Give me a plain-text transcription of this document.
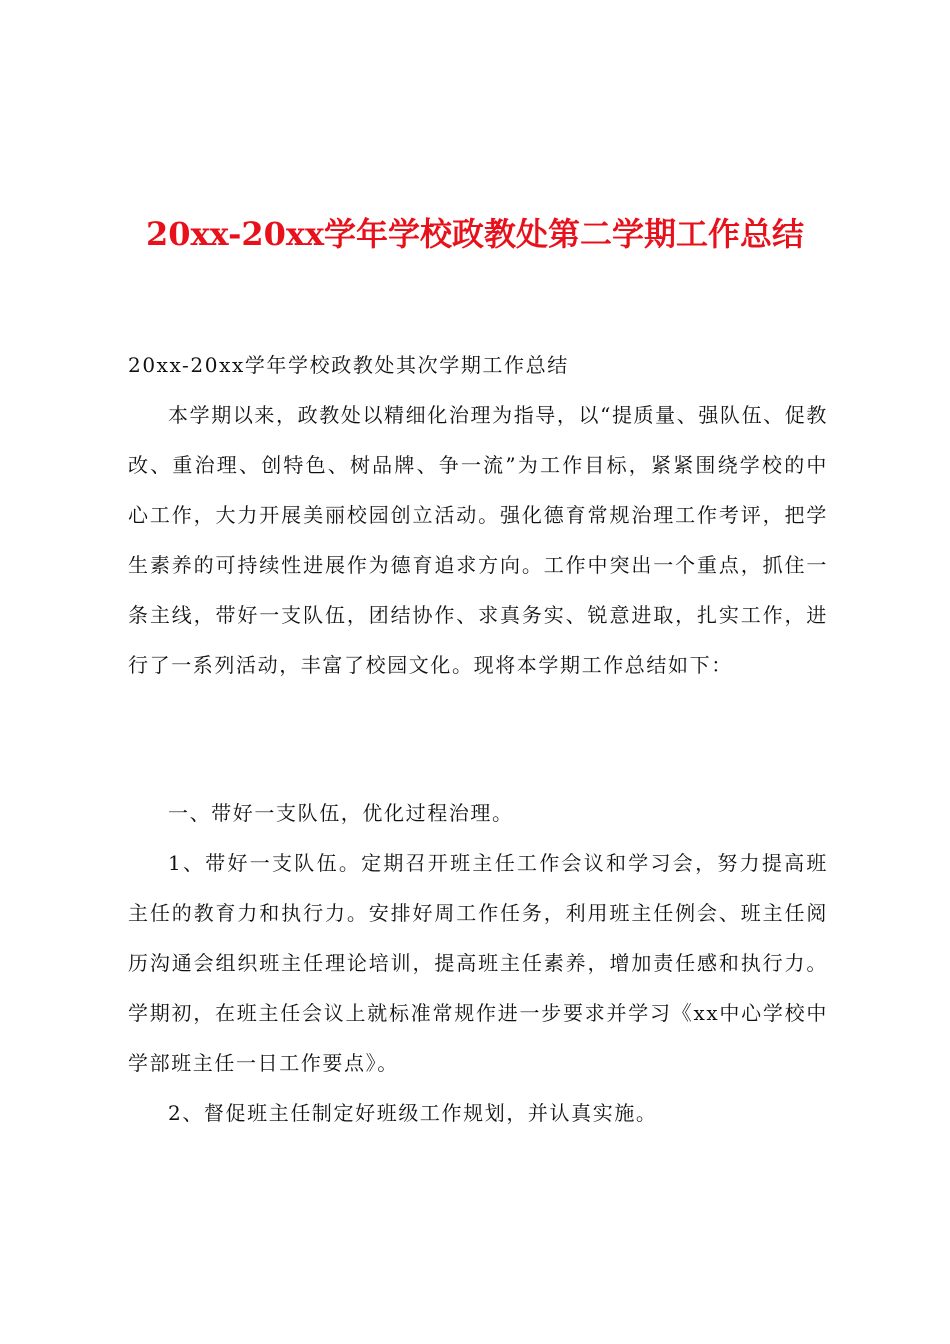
20xx-20xx学年学校政教处第二学期工作总结
20xx-20xx学年学校政教处其次学期工作总结

本学期以来，政教处以精细化治理为指导，以“提质量、强队伍、促教改、重治理、创特色、树品牌、争一流”为工作目标，紧紧围绕学校的中心工作，大力开展美丽校园创立活动。强化德育常规治理工作考评，把学生素养的可持续性进展作为德育追求方向。工作中突出一个重点，抓住一条主线，带好一支队伍，团结协作、求真务实、锐意进取，扎实工作，进行了一系列活动，丰富了校园文化。现将本学期工作总结如下：

一、带好一支队伍，优化过程治理。

1、带好一支队伍。定期召开班主任工作会议和学习会，努力提高班主任的教育力和执行力。安排好周工作任务，利用班主任例会、班主任阅历沟通会组织班主任理论培训，提高班主任素养，增加责任感和执行力。学期初，在班主任会议上就标准常规作进一步要求并学习《xx中心学校中学部班主任一日工作要点》。

2、督促班主任制定好班级工作规划，并认真实施。
